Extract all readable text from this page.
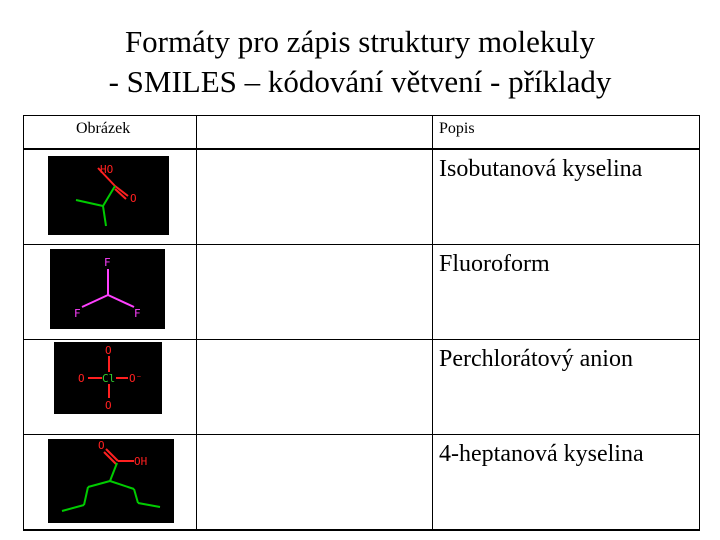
Formáty pro zápis struktury molekuly
- SMILES – kódování větvení - příklady
Obrázek		Popis

HO
O		Isobutanová kyselina

F
F F		Fluoroform

O
O Cl O⁻
O		Perchlorátový anion

O
OH		4-heptanová kyselina
